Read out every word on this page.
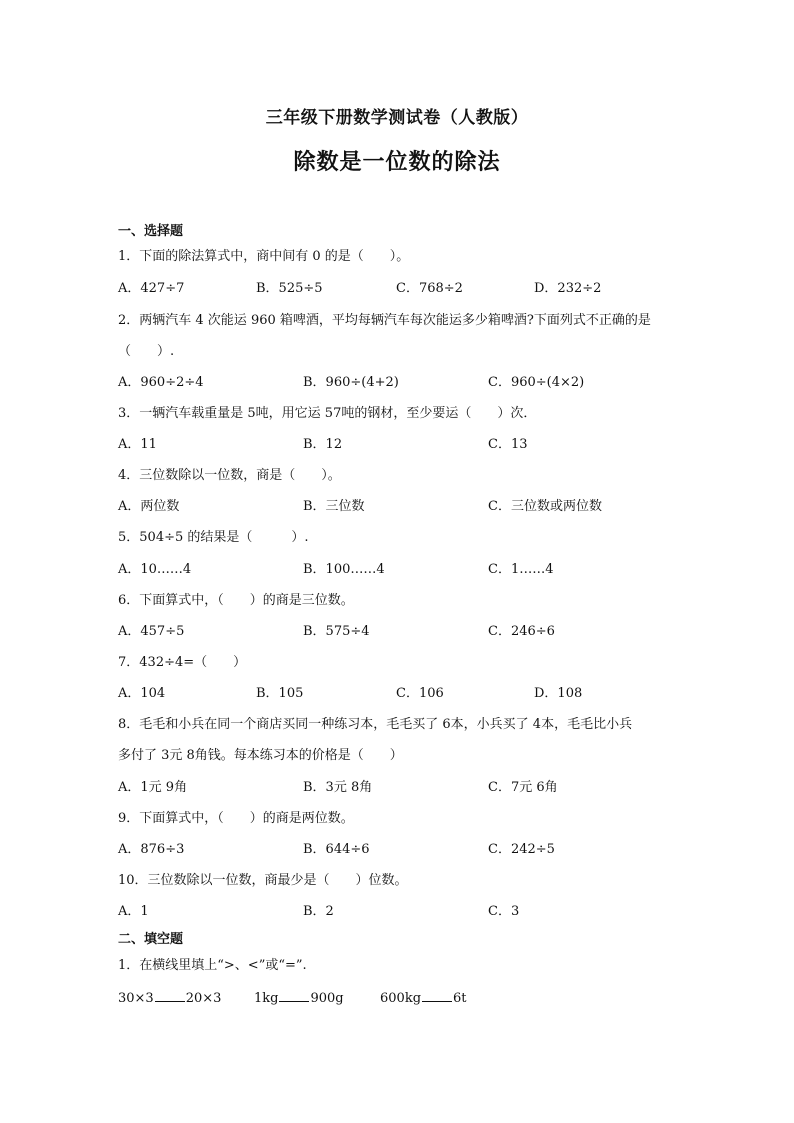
三年级下册数学测试卷（人教版）
除数是一位数的除法
一、选择题
1．下面的除法算式中，商中间有 0 的是（　　）。
A．427÷7	B．525÷5	C．768÷2	D．232÷2
2．两辆汽车 4 次能运 960 箱啤酒，平均每辆汽车每次能运多少箱啤酒?下面列式不正确的是
（　　）.
A．960÷2÷4	B．960÷(4+2)	C．960÷(4×2)
3．一辆汽车载重量是 5吨，用它运 57吨的钢材，至少要运（　　）次．
A．11	B．12	C．13
4．三位数除以一位数，商是（　　）。
A．两位数	B．三位数	C．三位数或两位数
5．504÷5 的结果是（　　　）.
A．10……4	B．100……4	C．1……4
6．下面算式中，（　　）的商是三位数。
A．457÷5	B．575÷4	C．246÷6
7．432÷4=（　　）
A．104	B．105	C．106	D．108
8．毛毛和小兵在同一个商店买同一种练习本，毛毛买了 6本，小兵买了 4本，毛毛比小兵
多付了 3元 8角钱。每本练习本的价格是（　　）
A．1元 9角	B．3元 8角	C．7元 6角
9．下面算式中，（　　）的商是两位数。
A．876÷3	B．644÷6	C．242÷5
10．三位数除以一位数，商最少是（　　）位数。
A．1	B．2	C．3
二、填空题
1．在横线里填上“>、<”或“=”.
30×3 20×3	1kg 900g	600kg 6t
